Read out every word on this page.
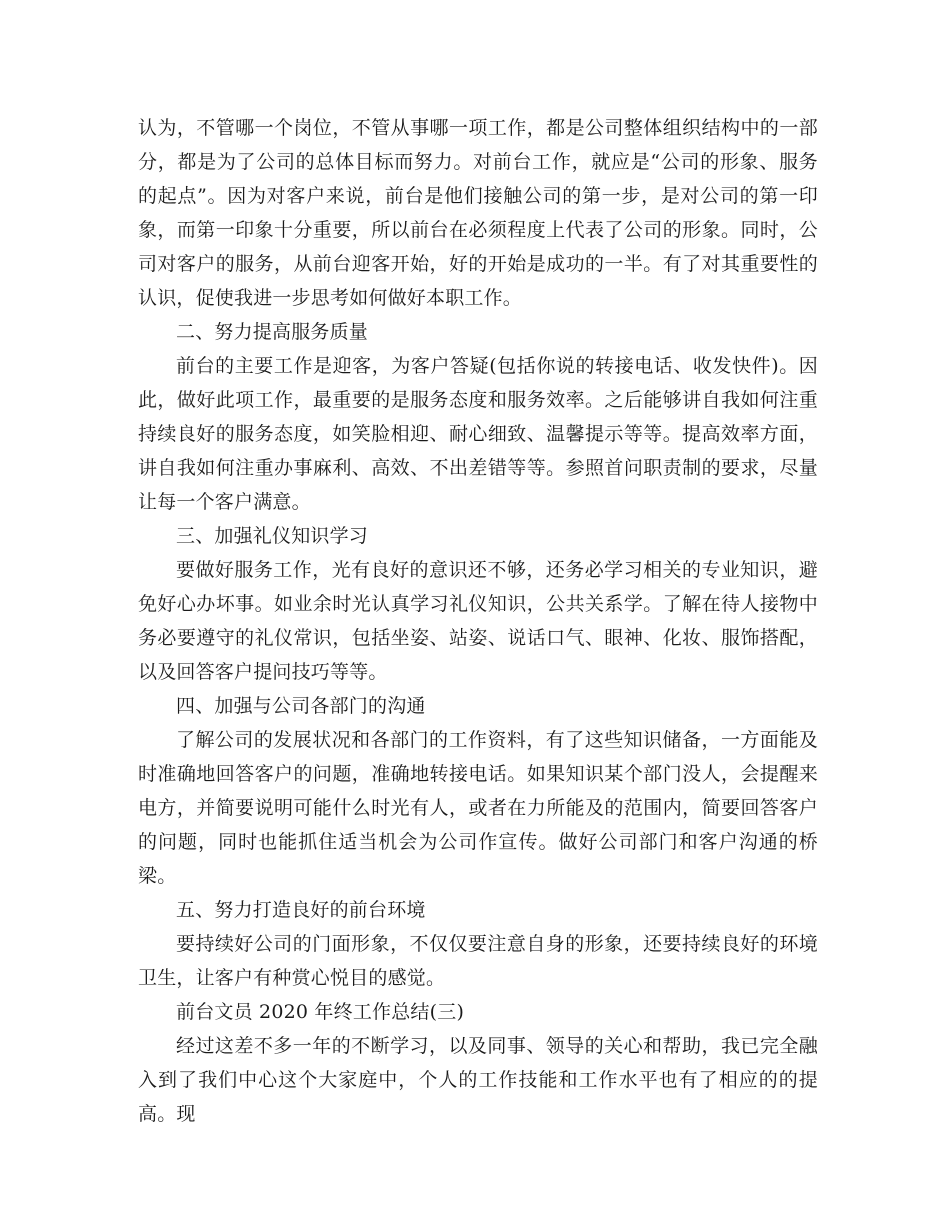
认为，不管哪一个岗位，不管从事哪一项工作，都是公司整体组织结构中的一部分，都是为了公司的总体目标而努力。对前台工作，就应是“公司的形象、服务的起点”。因为对客户来说，前台是他们接触公司的第一步，是对公司的第一印象，而第一印象十分重要，所以前台在必须程度上代表了公司的形象。同时，公司对客户的服务，从前台迎客开始，好的开始是成功的一半。有了对其重要性的认识，促使我进一步思考如何做好本职工作。

二、努力提高服务质量

前台的主要工作是迎客，为客户答疑(包括你说的转接电话、收发快件)。因此，做好此项工作，最重要的是服务态度和服务效率。之后能够讲自我如何注重持续良好的服务态度，如笑脸相迎、耐心细致、温馨提示等等。提高效率方面，讲自我如何注重办事麻利、高效、不出差错等等。参照首问职责制的要求，尽量让每一个客户满意。

三、加强礼仪知识学习

要做好服务工作，光有良好的意识还不够，还务必学习相关的专业知识，避免好心办坏事。如业余时光认真学习礼仪知识，公共关系学。了解在待人接物中务必要遵守的礼仪常识，包括坐姿、站姿、说话口气、眼神、化妆、服饰搭配，以及回答客户提问技巧等等。

四、加强与公司各部门的沟通

了解公司的发展状况和各部门的工作资料，有了这些知识储备，一方面能及时准确地回答客户的问题，准确地转接电话。如果知识某个部门没人，会提醒来电方，并简要说明可能什么时光有人，或者在力所能及的范围内，简要回答客户的问题，同时也能抓住适当机会为公司作宣传。做好公司部门和客户沟通的桥梁。

五、努力打造良好的前台环境

要持续好公司的门面形象，不仅仅要注意自身的形象，还要持续良好的环境卫生，让客户有种赏心悦目的感觉。

前台文员 2020 年终工作总结(三)

经过这差不多一年的不断学习，以及同事、领导的关心和帮助，我已完全融入到了我们中心这个大家庭中，个人的工作技能和工作水平也有了相应的的提高。现
